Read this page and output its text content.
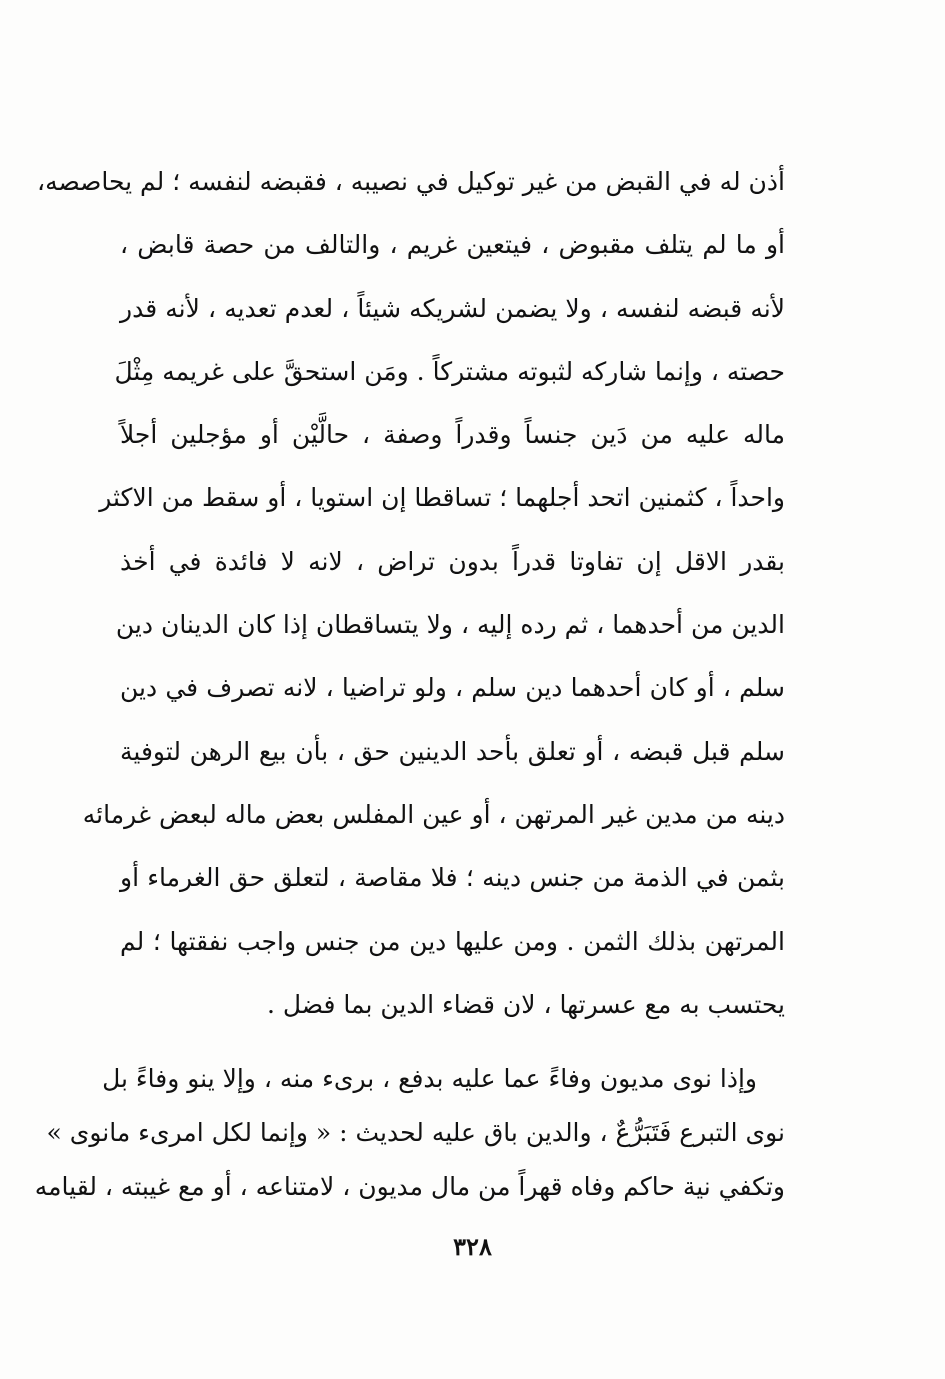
أذن له في القبض من غير توكيل في نصيبه ، فقبضه لنفسه ؛ لم يحاصصه،
أو ما لم يتلف مقبوض ، فيتعين غريم ، والتالف من حصة قابض ،
لأنه قبضه لنفسه ، ولا يضمن لشريكه شيئاً ، لعدم تعديه ، لأنه قدر
حصته ، وإنما شاركه لثبوته مشتركاً . ومَن استحقَّ على غريمه مِثْلَ
ماله عليه من دَين جنساً وقدراً وصفة ، حالَّيْن أو مؤجلين أجلاً
واحداً ، كثمنين اتحد أجلهما ؛ تساقطا إن استويا ، أو سقط من الاكثر
بقدر الاقل إن تفاوتا قدراً بدون تراض ، لانه لا فائدة في أخذ
الدين من أحدهما ، ثم رده إليه ، ولا يتساقطان إذا كان الدينان دين
سلم ، أو كان أحدهما دين سلم ، ولو تراضيا ، لانه تصرف في دين
سلم قبل قبضه ، أو تعلق بأحد الدينين حق ، بأن بيع الرهن لتوفية
دينه من مدين غير المرتهن ، أو عين المفلس بعض ماله لبعض غرمائه
بثمن في الذمة من جنس دينه ؛ فلا مقاصة ، لتعلق حق الغرماء أو
المرتهن بذلك الثمن . ومن عليها دين من جنس واجب نفقتها ؛ لم
يحتسب به مع عسرتها ، لان قضاء الدين بما فضل .
وإذا نوى مديون وفاءً عما عليه بدفع ، برىء منه ، وإلا ينو وفاءً بل
نوى التبرع فَتَبَرُّعٌ ، والدين باق عليه لحديث : « وإنما لكل امرىء مانوى »
وتكفي نية حاكم وفاه قهراً من مال مديون ، لامتناعه ، أو مع غيبته ، لقيامه
٣٢٨
